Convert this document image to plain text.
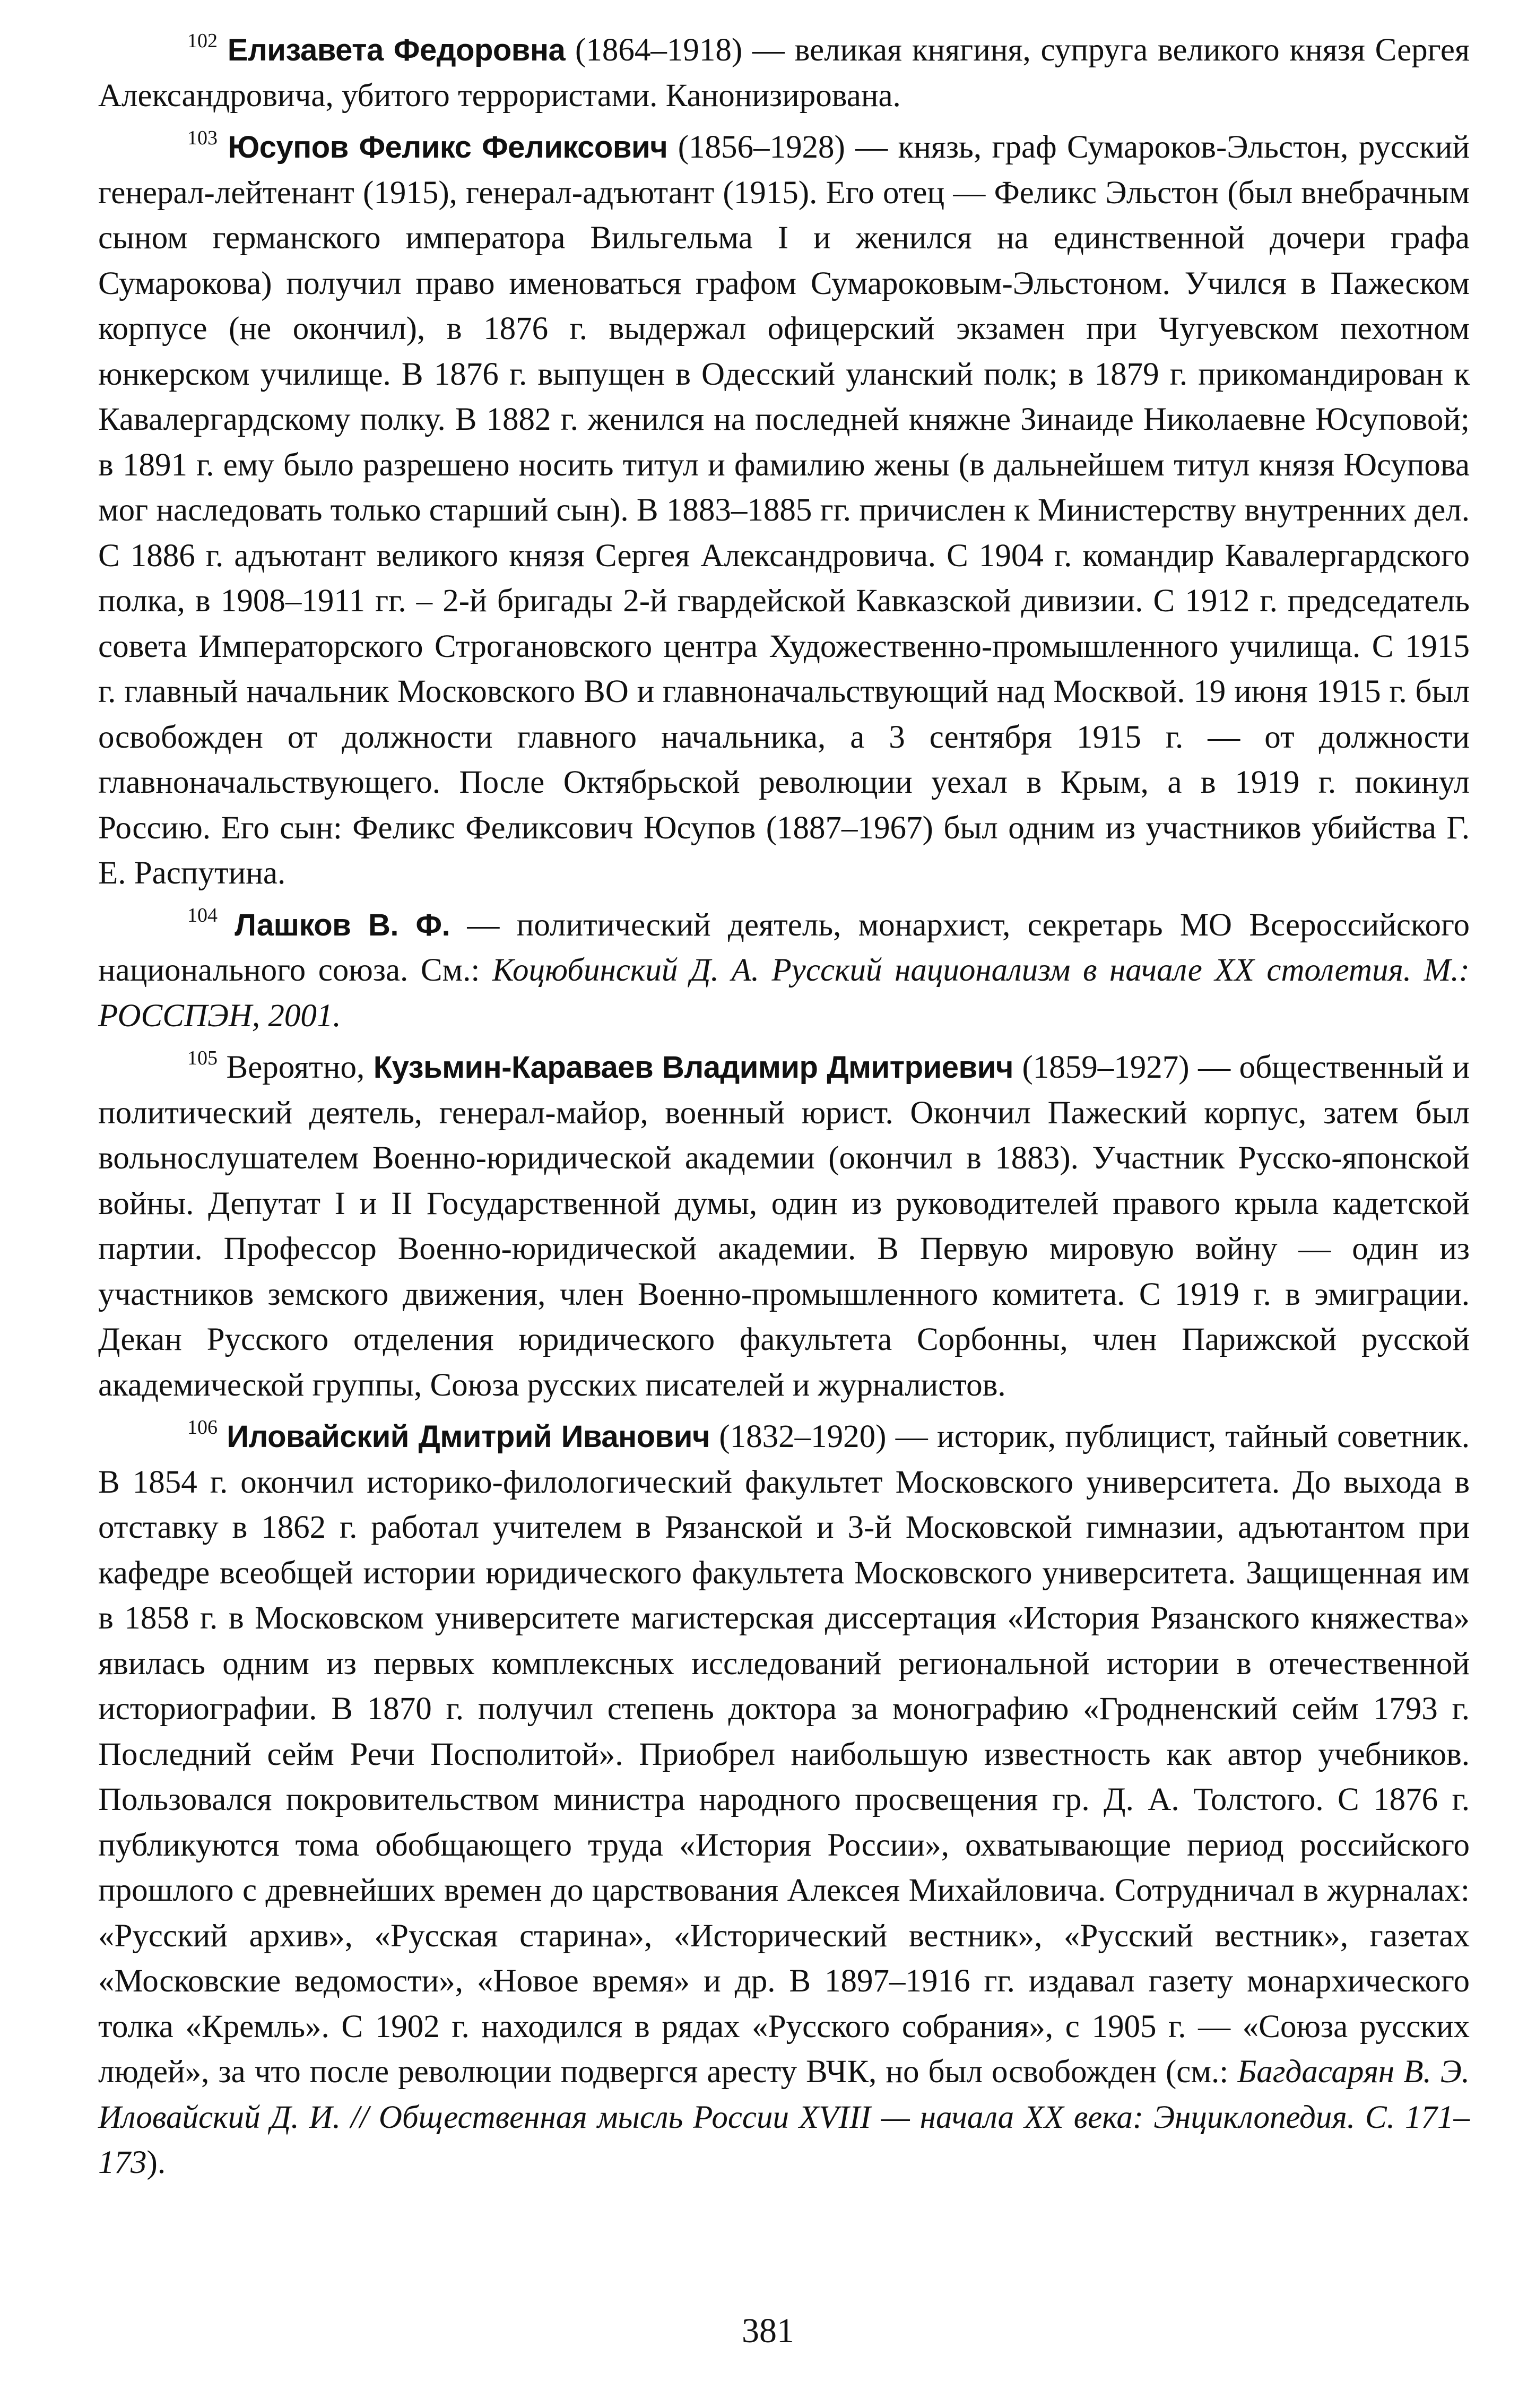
$^{102}$ Елизавета Федоровна (1864–1918) — великая княгиня, супруга великого князя Сергея Александровича, убитого террористами. Канонизирована.

$^{103}$ Юсупов Феликс Феликсович (1856–1928) — князь, граф Сумароков-Эльстон, русский генерал-лейтенант (1915), генерал-адъютант (1915). Его отец — Феликс Эльстон (был внебрачным сыном германского императора Вильгельма I и женился на единственной дочери графа Сумарокова) получил право именоваться графом Сумароковым-Эльстоном. Учился в Пажеском корпусе (не окончил), в 1876 г. выдержал офицерский экзамен при Чугуевском пехотном юнкерском училище. В 1876 г. выпущен в Одесский уланский полк; в 1879 г. прикомандирован к Кавалергардскому полку. В 1882 г. женился на последней княжне Зинаиде Николаевне Юсуповой; в 1891 г. ему было разрешено носить титул и фамилию жены (в дальнейшем титул князя Юсупова мог наследовать только старший сын). В 1883–1885 гг. причислен к Министерству внутренних дел. С 1886 г. адъютант великого князя Сергея Александровича. С 1904 г. командир Кавалергардского полка, в 1908–1911 гг. – 2-й бригады 2-й гвардейской Кавказской дивизии. С 1912 г. председатель совета Императорского Строгановского центра Художественно-промышленного училища. С 1915 г. главный начальник Московского ВО и главноначальствующий над Москвой. 19 июня 1915 г. был освобожден от должности главного начальника, а 3 сентября 1915 г. — от должности главноначальствующего. После Октябрьской революции уехал в Крым, а в 1919 г. покинул Россию. Его сын: Феликс Феликсович Юсупов (1887–1967) был одним из участников убийства Г. Е. Распутина.

$^{104}$ Лашков В. Ф. — политический деятель, монархист, секретарь МО Всероссийского национального союза. См.: Коцюбинский Д. А. Русский национализм в начале XX столетия. М.: РОССПЭН, 2001.

$^{105}$ Вероятно, Кузьмин-Караваев Владимир Дмитриевич (1859–1927) — общественный и политический деятель, генерал-майор, военный юрист. Окончил Пажеский корпус, затем был вольнослушателем Военно-юридической академии (окончил в 1883). Участник Русско-японской войны. Депутат I и II Государственной думы, один из руководителей правого крыла кадетской партии. Профессор Военно-юридической академии. В Первую мировую войну — один из участников земского движения, член Военно-промышленного комитета. С 1919 г. в эмиграции. Декан Русского отделения юридического факультета Сорбонны, член Парижской русской академической группы, Союза русских писателей и журналистов.

$^{106}$ Иловайский Дмитрий Иванович (1832–1920) — историк, публицист, тайный советник. В 1854 г. окончил историко-филологический факультет Московского университета. До выхода в отставку в 1862 г. работал учителем в Рязанской и 3-й Московской гимназии, адъютантом при кафедре всеобщей истории юридического факультета Московского университета. Защищенная им в 1858 г. в Московском университете магистерская диссертация «История Рязанского княжества» явилась одним из первых комплексных исследований региональной истории в отечественной историографии. В 1870 г. получил степень доктора за монографию «Гродненский сейм 1793 г. Последний сейм Речи Посполитой». Приобрел наибольшую известность как автор учебников. Пользовался покровительством министра народного просвещения гр. Д. А. Толстого. С 1876 г. публикуются тома обобщающего труда «История России», охватывающие период российского прошлого с древнейших времен до царствования Алексея Михайловича. Сотрудничал в журналах: «Русский архив», «Русская старина», «Исторический вестник», «Русский вестник», газетах «Московские ведомости», «Новое время» и др. В 1897–1916 гг. издавал газету монархического толка «Кремль». С 1902 г. находился в рядах «Русского собрания», с 1905 г. — «Союза русских людей», за что после революции подвергся аресту ВЧК, но был освобожден (см.: Багдасарян В. Э. Иловайский Д. И. // Общественная мысль России XVIII — начала XX века: Энциклопедия. С. 171–173).

381
